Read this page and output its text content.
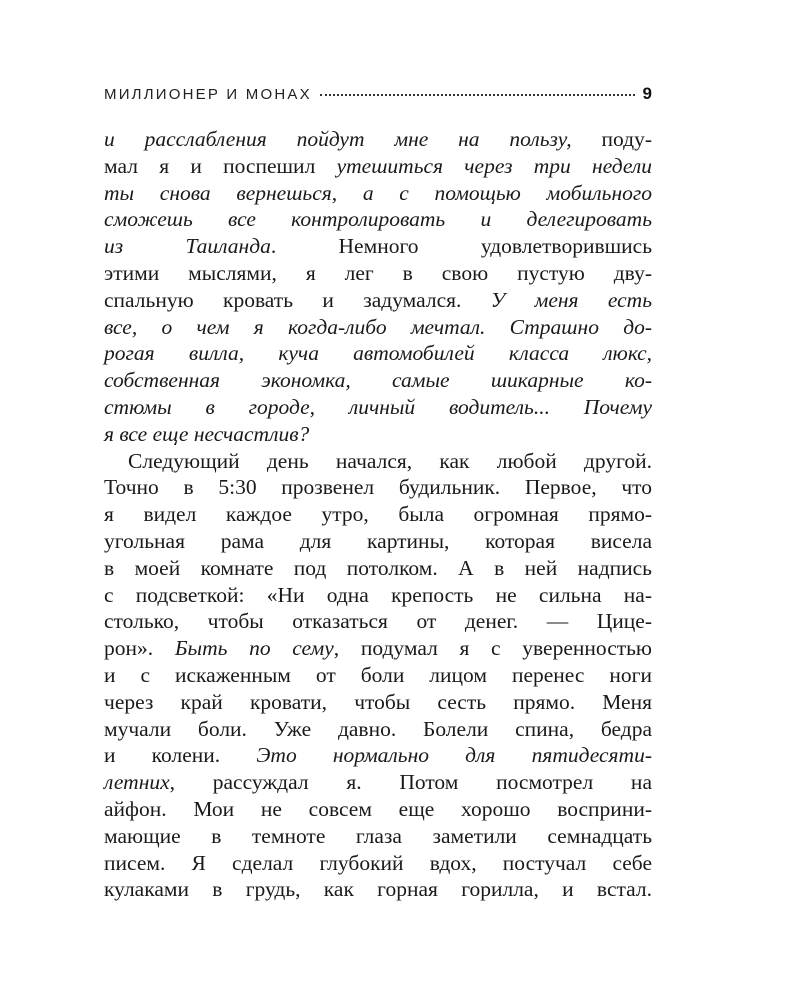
МИЛЛИОНЕР И МОНАХ	9
и расслабления пойдут мне на пользу, поду-
мал я и поспешил утешиться через три недели
ты снова вернешься, а с помощью мобильного
сможешь все контролировать и делегировать
из Таиланда. Немного удовлетворившись
этими мыслями, я лег в свою пустую дву-
спальную кровать и задумался. У меня есть
все, о чем я когда-либо мечтал. Страшно до-
рогая вилла, куча автомобилей класса люкс,
собственная экономка, самые шикарные ко-
стюмы в городе, личный водитель... Почему
я все еще несчастлив?
Следующий день начался, как любой другой.
Точно в 5:30 прозвенел будильник. Первое, что
я видел каждое утро, была огромная прямо-
угольная рама для картины, которая висела
в моей комнате под потолком. А в ней надпись
с подсветкой: «Ни одна крепость не сильна на-
столько, чтобы отказаться от денег. — Цице-
рон». Быть по сему, подумал я с уверенностью
и с искаженным от боли лицом перенес ноги
через край кровати, чтобы сесть прямо. Меня
мучали боли. Уже давно. Болели спина, бедра
и колени. Это нормально для пятидесяти-
летних, рассуждал я. Потом посмотрел на
айфон. Мои не совсем еще хорошо восприни-
мающие в темноте глаза заметили семнадцать
писем. Я сделал глубокий вдох, постучал себе
кулаками в грудь, как горная горилла, и встал.
